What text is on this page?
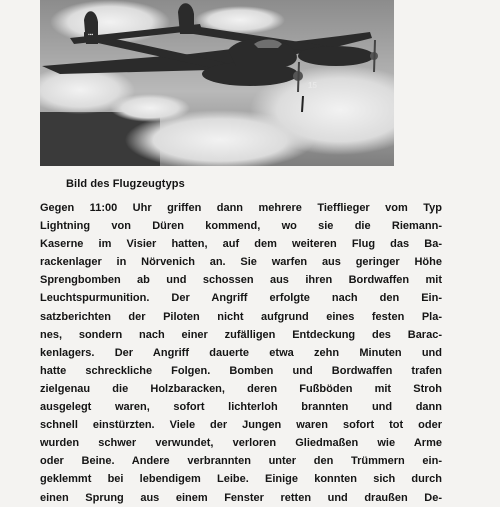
15
▪▪▪
Bild des Flugzeugtyps
Gegen 11:00 Uhr griffen dann mehrere Tiefflieger vom Typ
Lightning von Düren kommend, wo sie die Riemann-
Kaserne im Visier hatten, auf dem weiteren Flug das Ba-
rackenlager in Nörvenich an. Sie warfen aus geringer Höhe
Sprengbomben ab und schossen aus ihren Bordwaffen mit
Leuchtspurmunition. Der Angriff erfolgte nach den Ein-
satzberichten der Piloten nicht aufgrund eines festen Pla-
nes, sondern nach einer zufälligen Entdeckung des Barac-
kenlagers. Der Angriff dauerte etwa zehn Minuten und
hatte schreckliche Folgen. Bomben und Bordwaffen trafen
zielgenau die Holzbaracken, deren Fußböden mit Stroh
ausgelegt waren, sofort lichterloh brannten und dann
schnell einstürzten. Viele der Jungen waren sofort tot oder
wurden schwer verwundet, verloren Gliedmaßen wie Arme
oder Beine. Andere verbrannten unter den Trümmern ein-
geklemmt bei lebendigem Leibe. Einige konnten sich durch
einen Sprung aus einem Fenster retten und draußen De-
